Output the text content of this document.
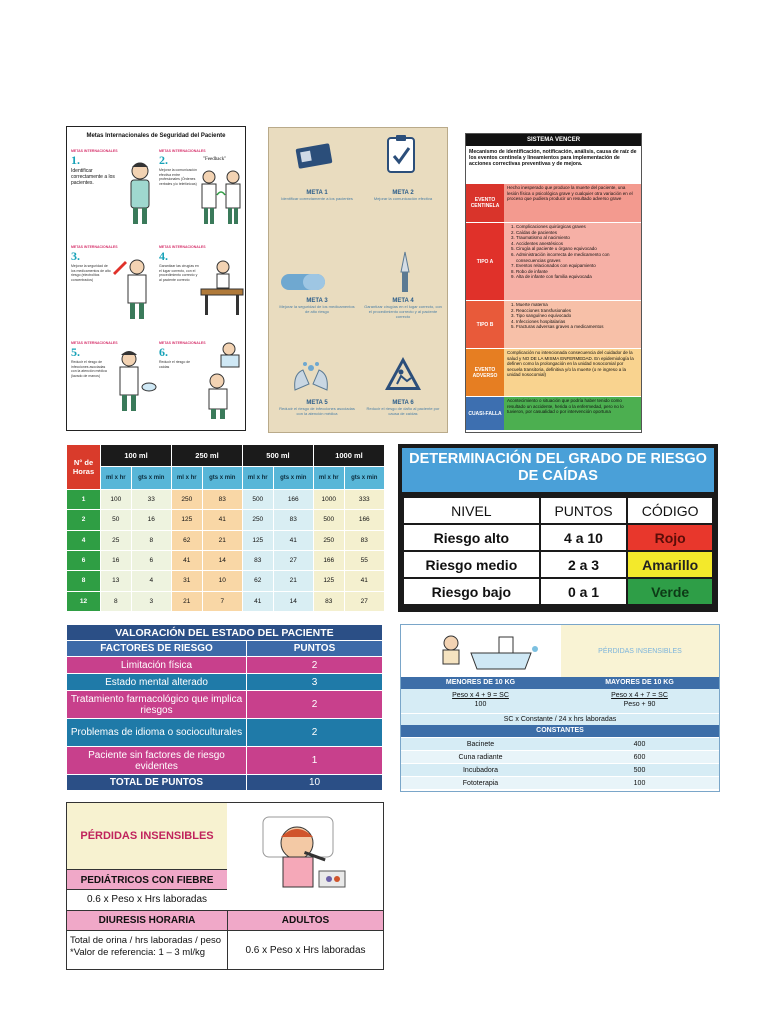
Metas Internacionales de Seguridad del Paciente
METAS INTERNACIONALES
1.
Identificar correctamente a los pacientes.
METAS INTERNACIONALES
2.
Mejorar la comunicación efectiva entre profesionales (Órdenes verbales y/o telefónicas)
"Feedback"
METAS INTERNACIONALES
3.
Mejorar la seguridad de los medicamentos de alto riesgo (electrolitos concentrados)
METAS INTERNACIONALES
4.
Garantizar las cirugías en el lugar correcto, con el procedimiento correcto y al paciente correcto
METAS INTERNACIONALES
5.
Reducir el riesgo de infecciones asociadas con la atención médica (lavado de manos)
METAS INTERNACIONALES
6.
Reducir el riesgo de caídas
META 1
Identificar correctamente a los pacientes
META 2
Mejorar la comunicación efectiva
META 3
Mejorar la seguridad de los medicamentos de alto riesgo
META 4
Garantizar cirugías en el lugar correcto, con el procedimiento correcto y al paciente correcto
META 5
Reducir el riesgo de infecciones asociadas con la atención médica
META 6
Reducir el riesgo de daño al paciente por causa de caídas
SISTEMA VENCER
Mecanismo de identificación, notificación, análisis, causa de raíz de los eventos centinela y lineamientos para implementación de acciones correctivas preventivas y de mejora.
EVENTO CENTINELA
Hecho inesperado que produce la muerte del paciente, una lesión física o psicológica grave y cualquier otra variación en el proceso que pudiera producir un resultado adverso grave
TIPO A
1. Complicaciones quirúrgicas graves
2. Caídas de pacientes
3. Traumatismo al nacimiento
4. Accidentes anestésicos
5. Cirugía al paciente u órgano equivocado
6. Administración incorrecta de medicamento con consecuencias graves
7. Eventos relacionados con equipamiento
8. Robo de infante
9. Alta de infante con familia equivocada
TIPO B
1. Muerte materna
2. Reacciones transfusionales
3. Tipo sanguíneo equivocado
4. Infecciones hospitalarias
5. Fracturas adversas graves a medicamentos
EVENTO ADVERSO
Complicación no intencionada consecuencia del cuidador de la salud y NO DE LA MISMA ENFERMEDAD. En epidemiología la definen como la prolongación en la unidad nosocomial por secuela transitoria, definitiva y/o la muerte (o re ingreso a la unidad nosocomial)
CUASI-FALLA
Acontecimiento o situación que podría haber tenido como resultado un accidente, herida o la enfermedad, pero no lo tuvieron, por casualidad o por intervención oportuna
N° de Horas	100 ml		250 ml		500 ml		1000 ml	
	ml x hr	gts x min	ml x hr	gts x min	ml x hr	gts x min	ml x hr	gts x min
1	100	33	250	83	500	166	1000	333
2	50	16	125	41	250	83	500	166
4	25	8	62	21	125	41	250	83
6	16	6	41	14	83	27	166	55
8	13	4	31	10	62	21	125	41
12	8	3	21	7	41	14	83	27
DETERMINACIÓN DEL GRADO DE RIESGO DE CAÍDAS
NIVEL	PUNTOS	CÓDIGO
Riesgo alto	4 a 10	Rojo
Riesgo medio	2 a 3	Amarillo
Riesgo bajo	0 a 1	Verde
VALORACIÓN DEL ESTADO DEL PACIENTE	
FACTORES DE RIESGO	PUNTOS
Limitación física	2
Estado mental alterado	3
Tratamiento farmacológico que implica riesgos	2
Problemas de idioma o socioculturales	2
Paciente sin factores de riesgo evidentes	1
TOTAL DE PUNTOS	10
PÉRDIDAS INSENSIBLES
MENORES DE 10 KG	MAYORES DE 10 KG
Peso x 4 + 9 = SC
100
Peso x 4 + 7 = SC
Peso + 90
SC x Constante / 24 x hrs laboradas
CONSTANTES
Bacinete	400
Cuna radiante	600
Incubadora	500
Fototerapia	100
PÉRDIDAS INSENSIBLES
PEDIÁTRICOS CON FIEBRE
0.6 x Peso x Hrs laboradas
DIURESIS HORARIA	ADULTOS
Total de orina / hrs laboradas / peso
*Valor de referencia: 1 – 3 ml/kg	0.6 x Peso x Hrs laboradas
